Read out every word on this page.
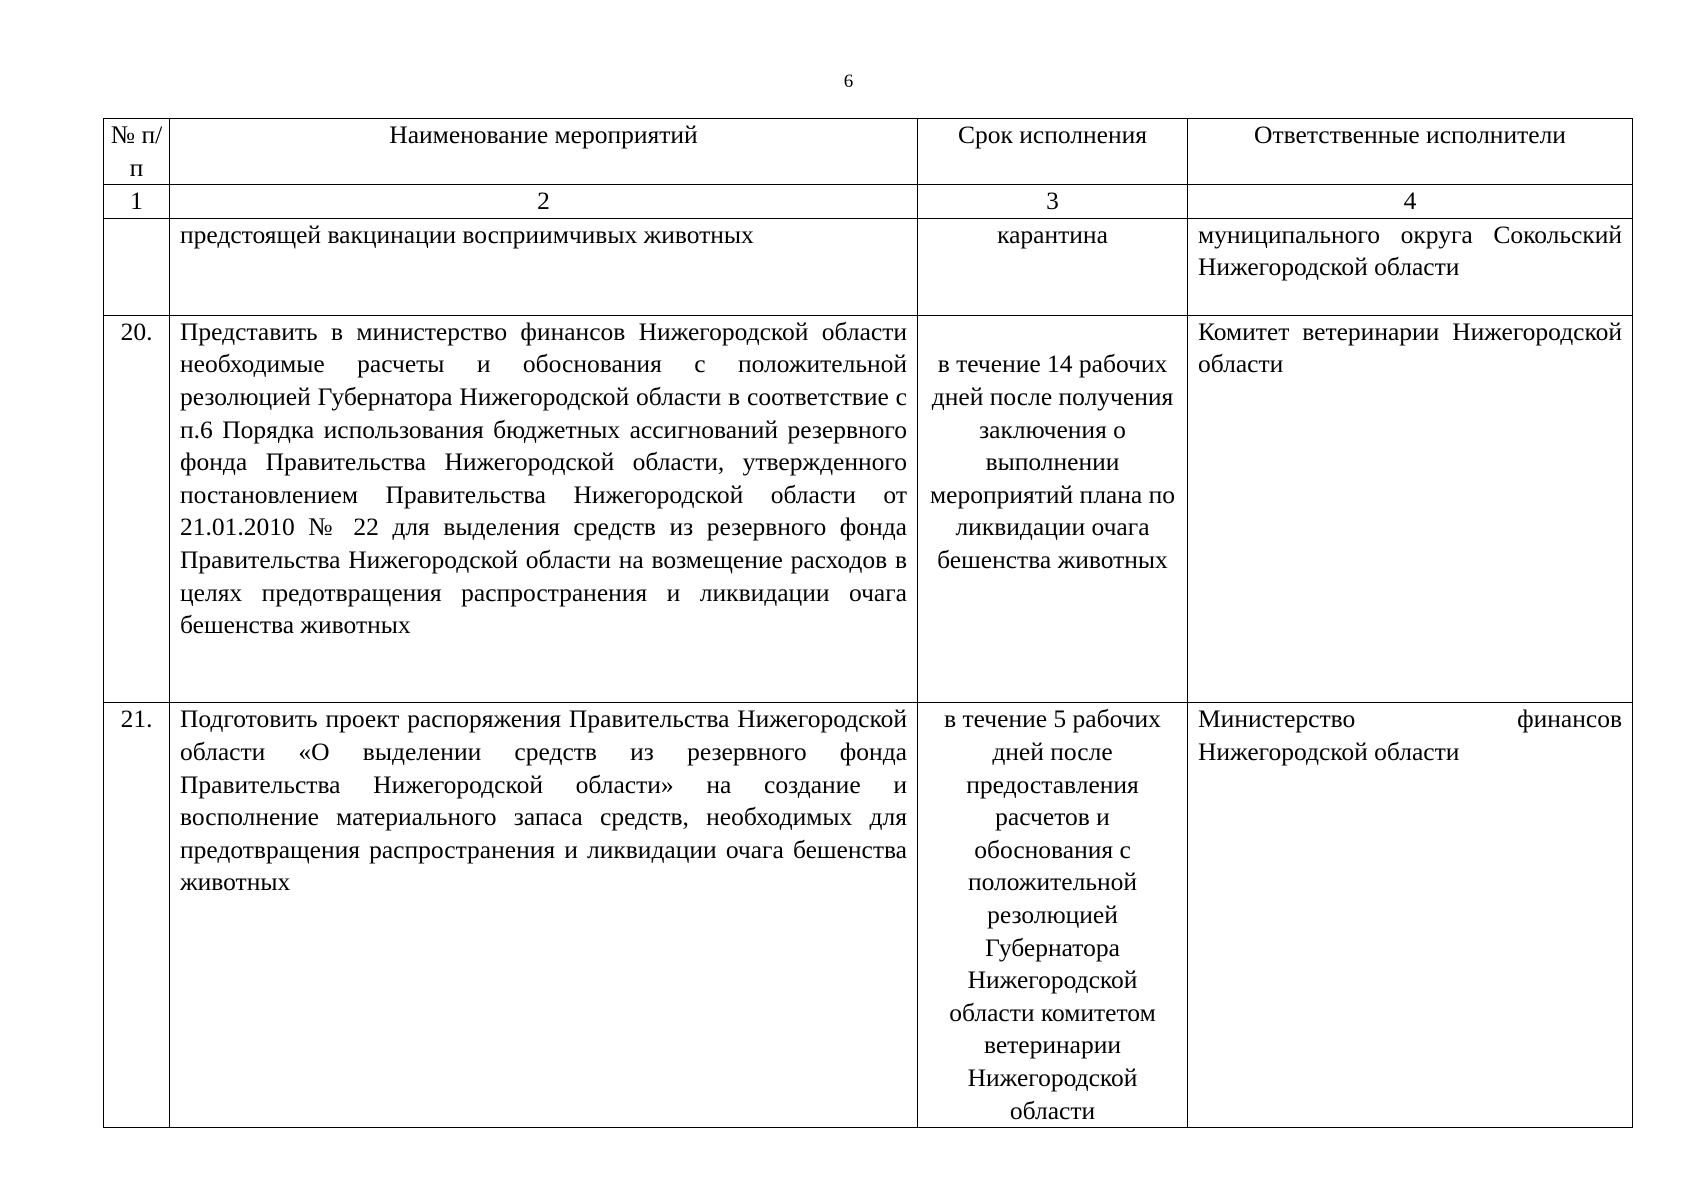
6
№ п/п	Наименование мероприятий	Срок исполнения	Ответственные исполнители
1	2	3	4
	предстоящей вакцинации восприимчивых животных	карантина	муниципального округа Сокольский Нижегородской области
20.	Представить в министерство финансов Нижегородской области необходимые расчеты и обоснования с положительной резолюцией Губернатора Нижегородской области в соответствие с п.6 Порядка использования бюджетных ассигнований резервного фонда Правительства Нижегородской области, утвержденного постановлением Правительства Нижегородской области от 21.01.2010 № 22 для выделения средств из резервного фонда Правительства Нижегородской области на возмещение расходов в целях предотвращения распространения и ликвидации очага бешенства животных	в течение 14 рабочих дней после получения заключения о выполнении мероприятий плана по ликвидации очага бешенства животных	Комитет ветеринарии Нижегородской области
21.	Подготовить проект распоряжения Правительства Нижегородской области «О выделении средств из резервного фонда Правительства Нижегородской области» на создание и восполнение материального запаса средств, необходимых для предотвращения распространения и ликвидации очага бешенства животных	в течение 5 рабочих дней после предоставления расчетов и обоснования с положительной резолюцией Губернатора Нижегородской области комитетом ветеринарии Нижегородской области	Министерство финансов Нижегородской области
